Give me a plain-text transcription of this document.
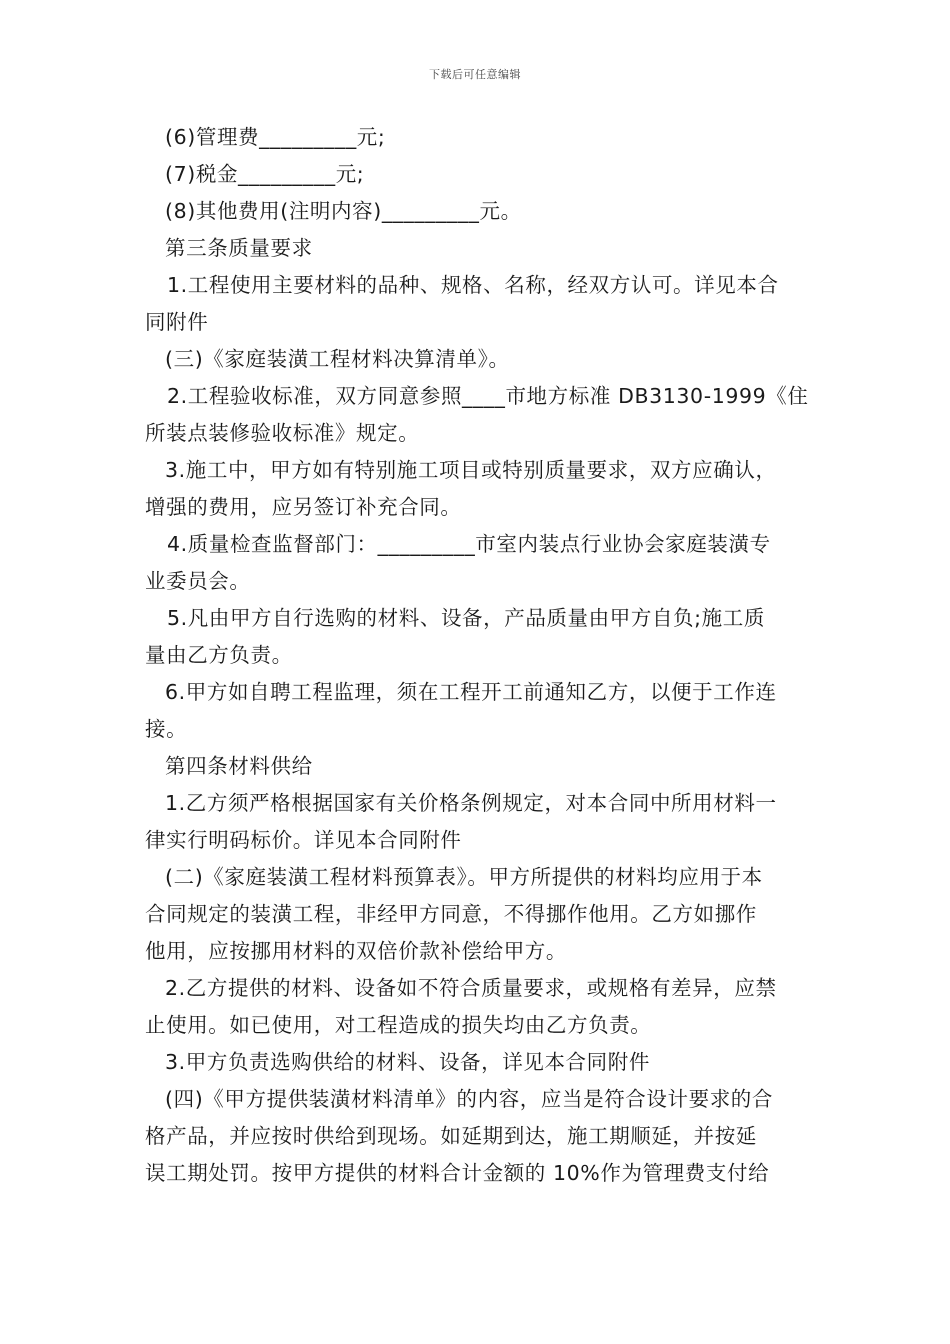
下载后可任意编辑
(6)管理费_________元;
(7)税金_________元;
(8)其他费用(注明内容)_________元。
第三条质量要求
1.工程使用主要材料的品种、规格、名称，经双方认可。详见本合
同附件
(三)《家庭装潢工程材料决算清单》。
2.工程验收标准，双方同意参照____市地方标准 DB3130-1999《住
所装点装修验收标准》规定。
3.施工中，甲方如有特别施工项目或特别质量要求，双方应确认，
增强的费用，应另签订补充合同。
4.质量检查监督部门：_________市室内装点行业协会家庭装潢专
业委员会。
5.凡由甲方自行选购的材料、设备，产品质量由甲方自负;施工质
量由乙方负责。
6.甲方如自聘工程监理，须在工程开工前通知乙方，以便于工作连
接。
第四条材料供给
1.乙方须严格根据国家有关价格条例规定，对本合同中所用材料一
律实行明码标价。详见本合同附件
(二)《家庭装潢工程材料预算表》。甲方所提供的材料均应用于本
合同规定的装潢工程，非经甲方同意，不得挪作他用。乙方如挪作
他用，应按挪用材料的双倍价款补偿给甲方。
2.乙方提供的材料、设备如不符合质量要求，或规格有差异，应禁
止使用。如已使用，对工程造成的损失均由乙方负责。
3.甲方负责选购供给的材料、设备，详见本合同附件
(四)《甲方提供装潢材料清单》的内容，应当是符合设计要求的合
格产品，并应按时供给到现场。如延期到达，施工期顺延，并按延
误工期处罚。按甲方提供的材料合计金额的 10%作为管理费支付给
